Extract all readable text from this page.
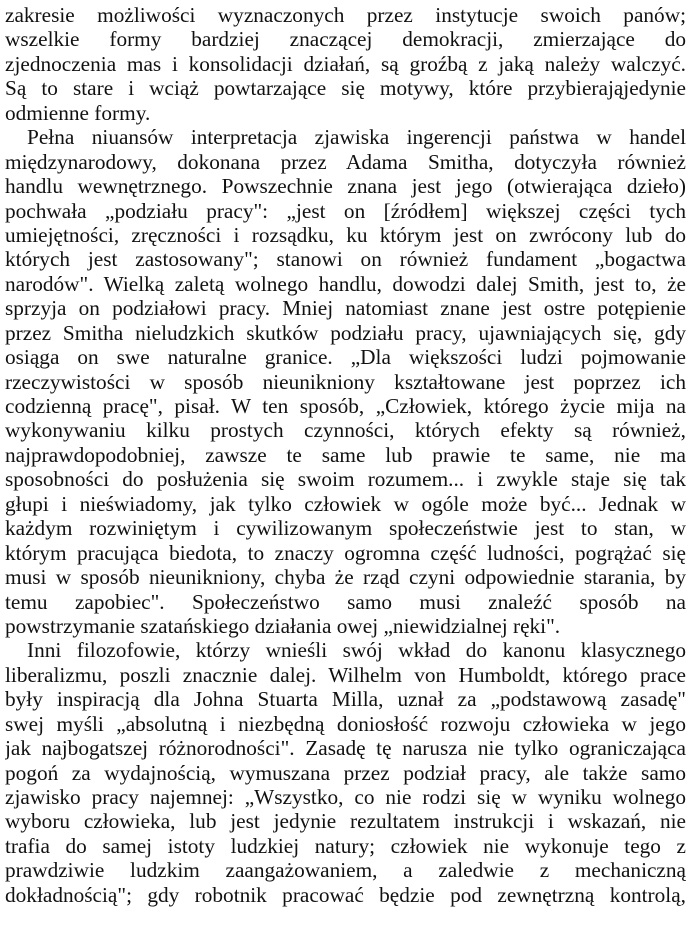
zakresie możliwości wyznaczonych przez instytucje swoich panów;
wszelkie formy bardziej znaczącej demokracji, zmierzające do
zjednoczenia mas i konsolidacji działań, są groźbą z jaką należy walczyć.
Są to stare i wciąż powtarzające się motywy, które przybierająjedynie
odmienne formy.
Pełna niuansów interpretacja zjawiska ingerencji państwa w handel
międzynarodowy, dokonana przez Adama Smitha, dotyczyła również
handlu wewnętrznego. Powszechnie znana jest jego (otwierająca dzieło)
pochwała „podziału pracy": „jest on [źródłem] większej części tych
umiejętności, zręczności i rozsądku, ku którym jest on zwrócony lub do
których jest zastosowany"; stanowi on również fundament „bogactwa
narodów". Wielką zaletą wolnego handlu, dowodzi dalej Smith, jest to, że
sprzyja on podziałowi pracy. Mniej natomiast znane jest ostre potępienie
przez Smitha nieludzkich skutków podziału pracy, ujawniających się, gdy
osiąga on swe naturalne granice. „Dla większości ludzi pojmowanie
rzeczywistości w sposób nieunikniony kształtowane jest poprzez ich
codzienną pracę", pisał. W ten sposób, „Człowiek, którego życie mija na
wykonywaniu kilku prostych czynności, których efekty są również,
najprawdopodobniej, zawsze te same lub prawie te same, nie ma
sposobności do posłużenia się swoim rozumem... i zwykle staje się tak
głupi i nieświadomy, jak tylko człowiek w ogóle może być... Jednak w
każdym rozwiniętym i cywilizowanym społeczeństwie jest to stan, w
którym pracująca biedota, to znaczy ogromna część ludności, pogrążać się
musi w sposób nieunikniony, chyba że rząd czyni odpowiednie starania, by
temu zapobiec". Społeczeństwo samo musi znaleźć sposób na
powstrzymanie szatańskiego działania owej „niewidzialnej ręki".
Inni filozofowie, którzy wnieśli swój wkład do kanonu klasycznego
liberalizmu, poszli znacznie dalej. Wilhelm von Humboldt, którego prace
były inspiracją dla Johna Stuarta Milla, uznał za „podstawową zasadę"
swej myśli „absolutną i niezbędną doniosłość rozwoju człowieka w jego
jak najbogatszej różnorodności". Zasadę tę narusza nie tylko ograniczająca
pogoń za wydajnością, wymuszana przez podział pracy, ale także samo
zjawisko pracy najemnej: „Wszystko, co nie rodzi się w wyniku wolnego
wyboru człowieka, lub jest jedynie rezultatem instrukcji i wskazań, nie
trafia do samej istoty ludzkiej natury; człowiek nie wykonuje tego z
prawdziwie ludzkim zaangażowaniem, a zaledwie z mechaniczną
dokładnością"; gdy robotnik pracować będzie pod zewnętrzną kontrolą,
